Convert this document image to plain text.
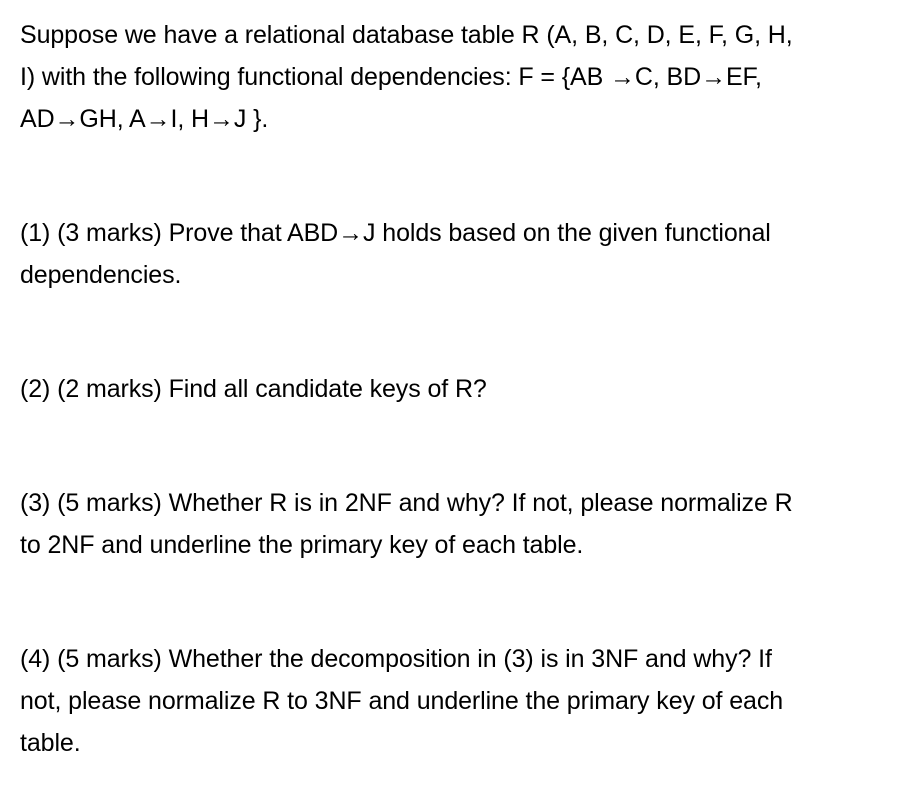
Suppose we have a relational database table R (A, B, C, D, E, F, G, H,
I) with the following functional dependencies: F = {AB →C, BD→EF,
AD→GH, A→I, H→J }.

(1) (3 marks) Prove that ABD→J holds based on the given functional
dependencies.

(2) (2 marks) Find all candidate keys of R?

(3) (5 marks) Whether R is in 2NF and why? If not, please normalize R
to 2NF and underline the primary key of each table.

(4) (5 marks) Whether the decomposition in (3) is in 3NF and why? If
not, please normalize R to 3NF and underline the primary key of each
table.
